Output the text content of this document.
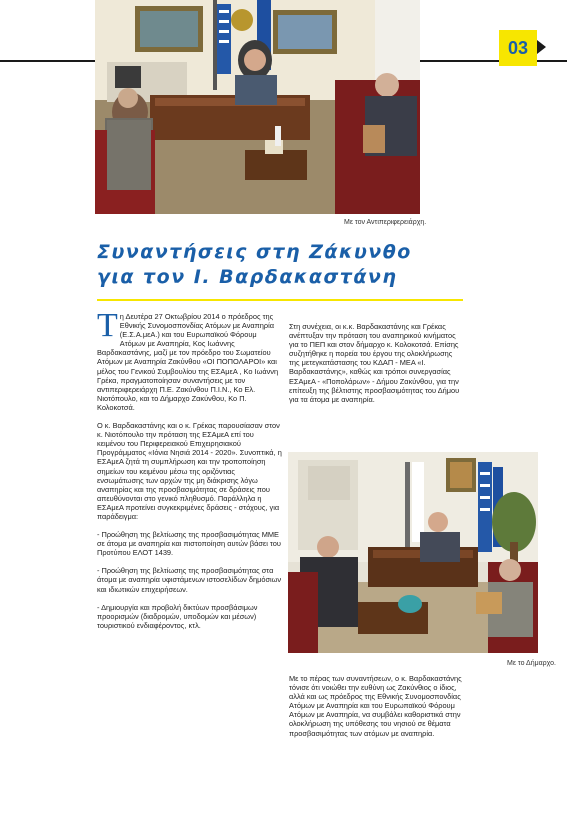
03
Με τον Αντιπεριφερειάρχη.
Συναντήσεις στη Ζάκυνθο
για τον Ι. Βαρδακαστάνη

Τη Δευτέρα 27 Οκτωβρίου 2014 ο πρόεδρος της Εθνικής Συνομοσπονδίας Ατόμων με Αναπηρία (Ε.Σ.Α.μεΑ.) και του Ευρωπαϊκού Φόρουμ Ατόμων με Αναπηρία, Κος Ιωάννης Βαρδακαστάνης, μαζί με τον πρόεδρο του Σωματείου Ατόμων με Αναπηρία Ζακύνθου «ΟΙ ΠΟΠΟΛΑΡΟΙ» και μέλος του Γενικού Συμβουλίου της ΕΣΑμεΑ , Κο Ιωάννη Γρέκα, πραγματοποίησαν συναντήσεις με τον αντιπεριφερειάρχη Π.Ε. Ζακύνθου Π.Ι.Ν., Κο Ελ. Νιοτόπουλο, και το Δήμαρχο Ζακύνθου, Κο Π. Κολοκοτσά.

Ο κ. Βαρδακαστάνης και ο κ. Γρέκας παρουσίασαν στον κ. Νιοτόπουλο την πρόταση της ΕΣΑμεΑ επί του κειμένου του Περιφερειακού Επιχειρησιακού Προγράμματος «Ιόνια Νησιά 2014 - 2020». Συνοπτικά, η ΕΣΑμεΑ ζητά τη συμπλήρωση και την τροποποίηση σημείων του κειμένου μέσω της οριζόντιας ενσωμάτωσης των αρχών της μη διάκρισης λόγω αναπηρίας και της προσβασιμότητας σε δράσεις που απευθύνονται στο γενικό πληθυσμό. Παράλληλα η ΕΣΑμεΑ προτείνει συγκεκριμένες δράσεις - στόχους, για παράδειγμα:

- Προώθηση της βελτίωσης της προσβασιμότητας ΜΜΕ σε άτομα με αναπηρία και πιστοποίηση αυτών βάσει του Προτύπου ΕΛΟΤ 1439.

- Προώθηση της βελτίωσης της προσβασιμότητας στα άτομα με αναπηρία υφιστάμενων ιστοσελίδων δημόσιων και ιδιωτικών επιχειρήσεων.

- Δημιουργία και προβολή δικτύων προσβάσιμων προορισμών (διαδρομών, υποδομών και μέσων) τουριστικού ενδιαφέροντος, κτλ.

Στη συνέχεια, οι κ.κ. Βαρδακαστάνης και Γρέκας ανέπτυξαν την πρόταση του αναπηρικού κινήματος για το ΠΕΠ και στον δήμαρχο κ. Κολοκοτσά. Επίσης συζητήθηκε η πορεία του έργου της ολοκλήρωσης της μετεγκατάστασης του ΚΔΑΠ - ΜΕΑ «Ι. Βαρδακαστάνης», καθώς και τρόποι συνεργασίας ΕΣΑμεΑ - «Ποπολάρων» - Δήμου Ζακύνθου, για την επίτευξη της βέλτιστης προσβασιμότητας του Δήμου για τα άτομα με αναπηρία.

Με το Δήμαρχο.

Με το πέρας των συναντήσεων, ο κ. Βαρδακαστάνης τόνισε ότι νοιώθει την ευθύνη ως Ζακύνθιος ο ίδιος, αλλά και ως πρόεδρος της Εθνικής Συνομοσπονδίας Ατόμων με Αναπηρία και του Ευρωπαϊκού Φόρουμ Ατόμων με Αναπηρία, να συμβάλει καθοριστικά στην ολοκλήρωση της υπόθεσης του νησιού σε θέματα προσβασιμότητας των ατόμων με αναπηρία.
